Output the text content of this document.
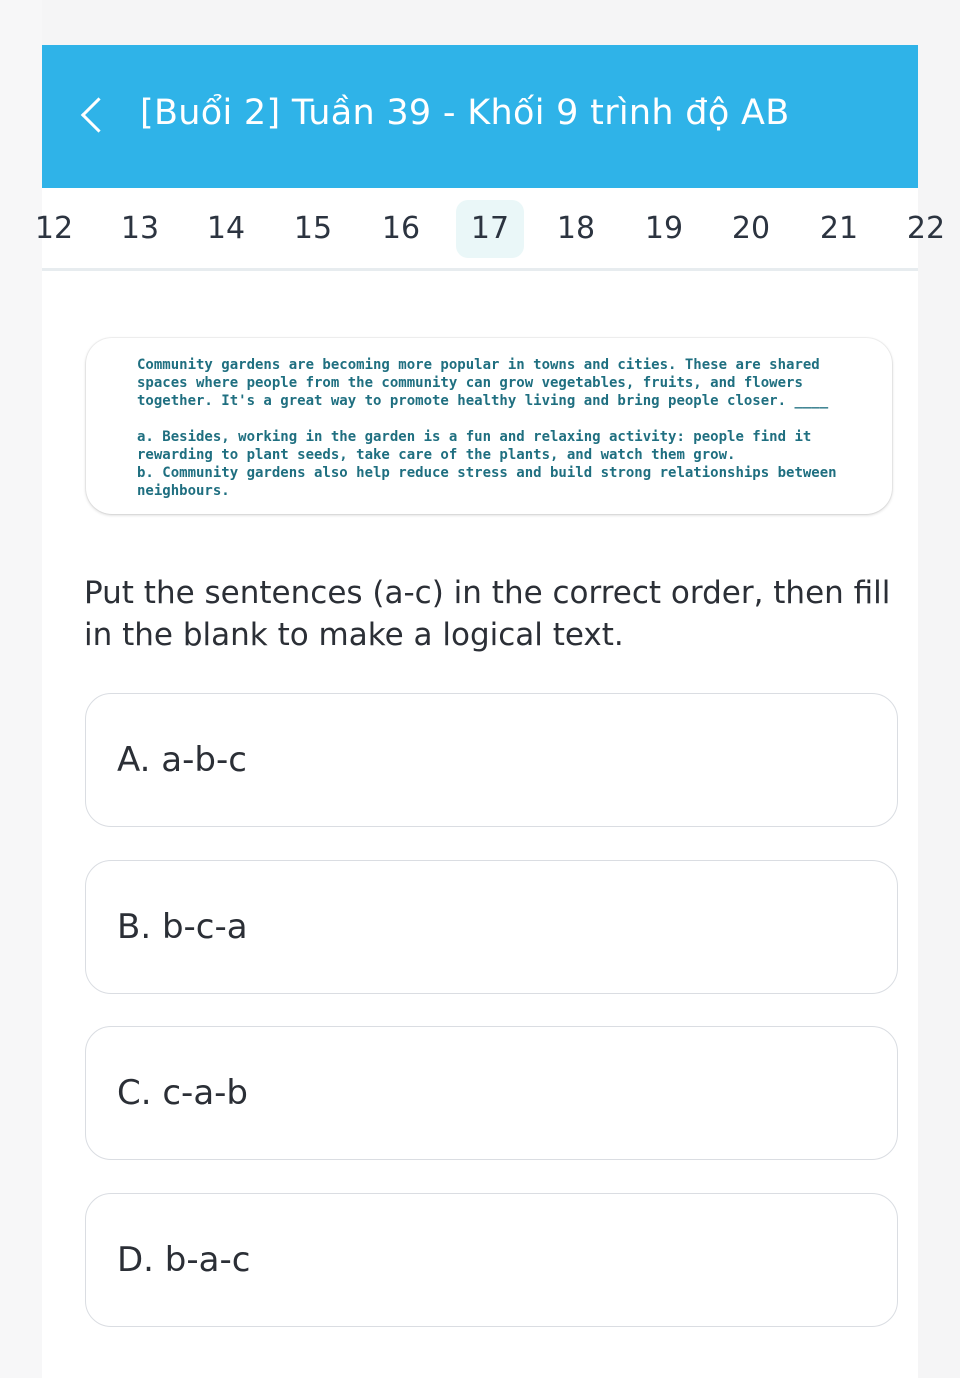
[Buổi 2] Tuần 39 - Khối 9 trình độ AB
12	13	14	15	16	17	18	19	20	21	22

Community gardens are becoming more popular in towns and cities. These are shared spaces where people from the community can grow vegetables, fruits, and flowers together. It's a great way to promote healthy living and bring people closer. ____

a. Besides, working in the garden is a fun and relaxing activity: people find it rewarding to plant seeds, take care of the plants, and watch them grow.

b. Community gardens also help reduce stress and build strong relationships between neighbours.

Put the sentences (a-c) in the correct order, then fill in the blank to make a logical text.
A. a-b-c
B. b-c-a
C. c-a-b
D. b-a-c
